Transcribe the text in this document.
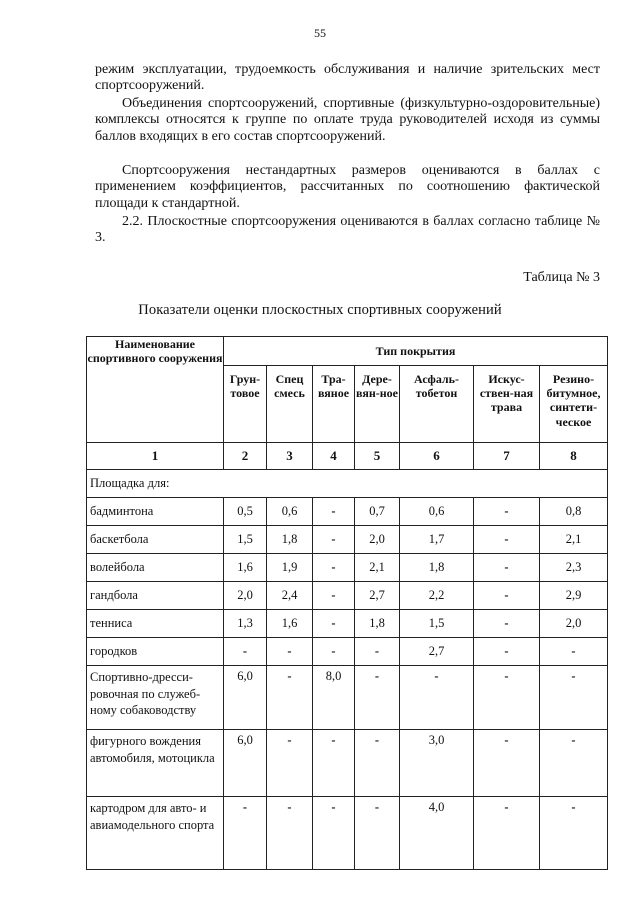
55
режим эксплуатации, трудоемкость обслуживания и наличие зрительских мест спортсооружений.
Объединения спортсооружений, спортивные (физкультурно-оздоровительные) комплексы относятся к группе по оплате труда руководителей исходя из суммы баллов входящих в его состав спортсооружений.
Спортсооружения нестандартных размеров оцениваются в баллах с применением коэффициентов, рассчитанных по соотношению фактической площади к стандартной.
2.2. Плоскостные спортсооружения оцениваются в баллах согласно таблице № 3.
Таблица № 3
Показатели оценки плоскостных спортивных сооружений
Наименование спортивного сооружения	Тип покрытия						
	Грун-товое	Спец смесь	Тра-вяное	Дере-вян-ное	Асфаль-тобетон	Искус-ствен-ная трава	Резино-битумное, синтети-ческое
1	2	3	4	5	6	7	8
Площадка для:							
бадминтона	0,5	0,6	-	0,7	0,6	-	0,8
баскетбола	1,5	1,8	-	2,0	1,7	-	2,1
волейбола	1,6	1,9	-	2,1	1,8	-	2,3
гандбола	2,0	2,4	-	2,7	2,2	-	2,9
тенниса	1,3	1,6	-	1,8	1,5	-	2,0
городков	-	-	-	-	2,7	-	-
Спортивно-дресси-ровочная по служеб-ному собаководству	6,0	-	8,0	-	-	-	-
фигурного вождения автомобиля, мотоцикла	6,0	-	-	-	3,0	-	-
картодром для авто- и авиамодельного спорта	-	-	-	-	4,0	-	-
